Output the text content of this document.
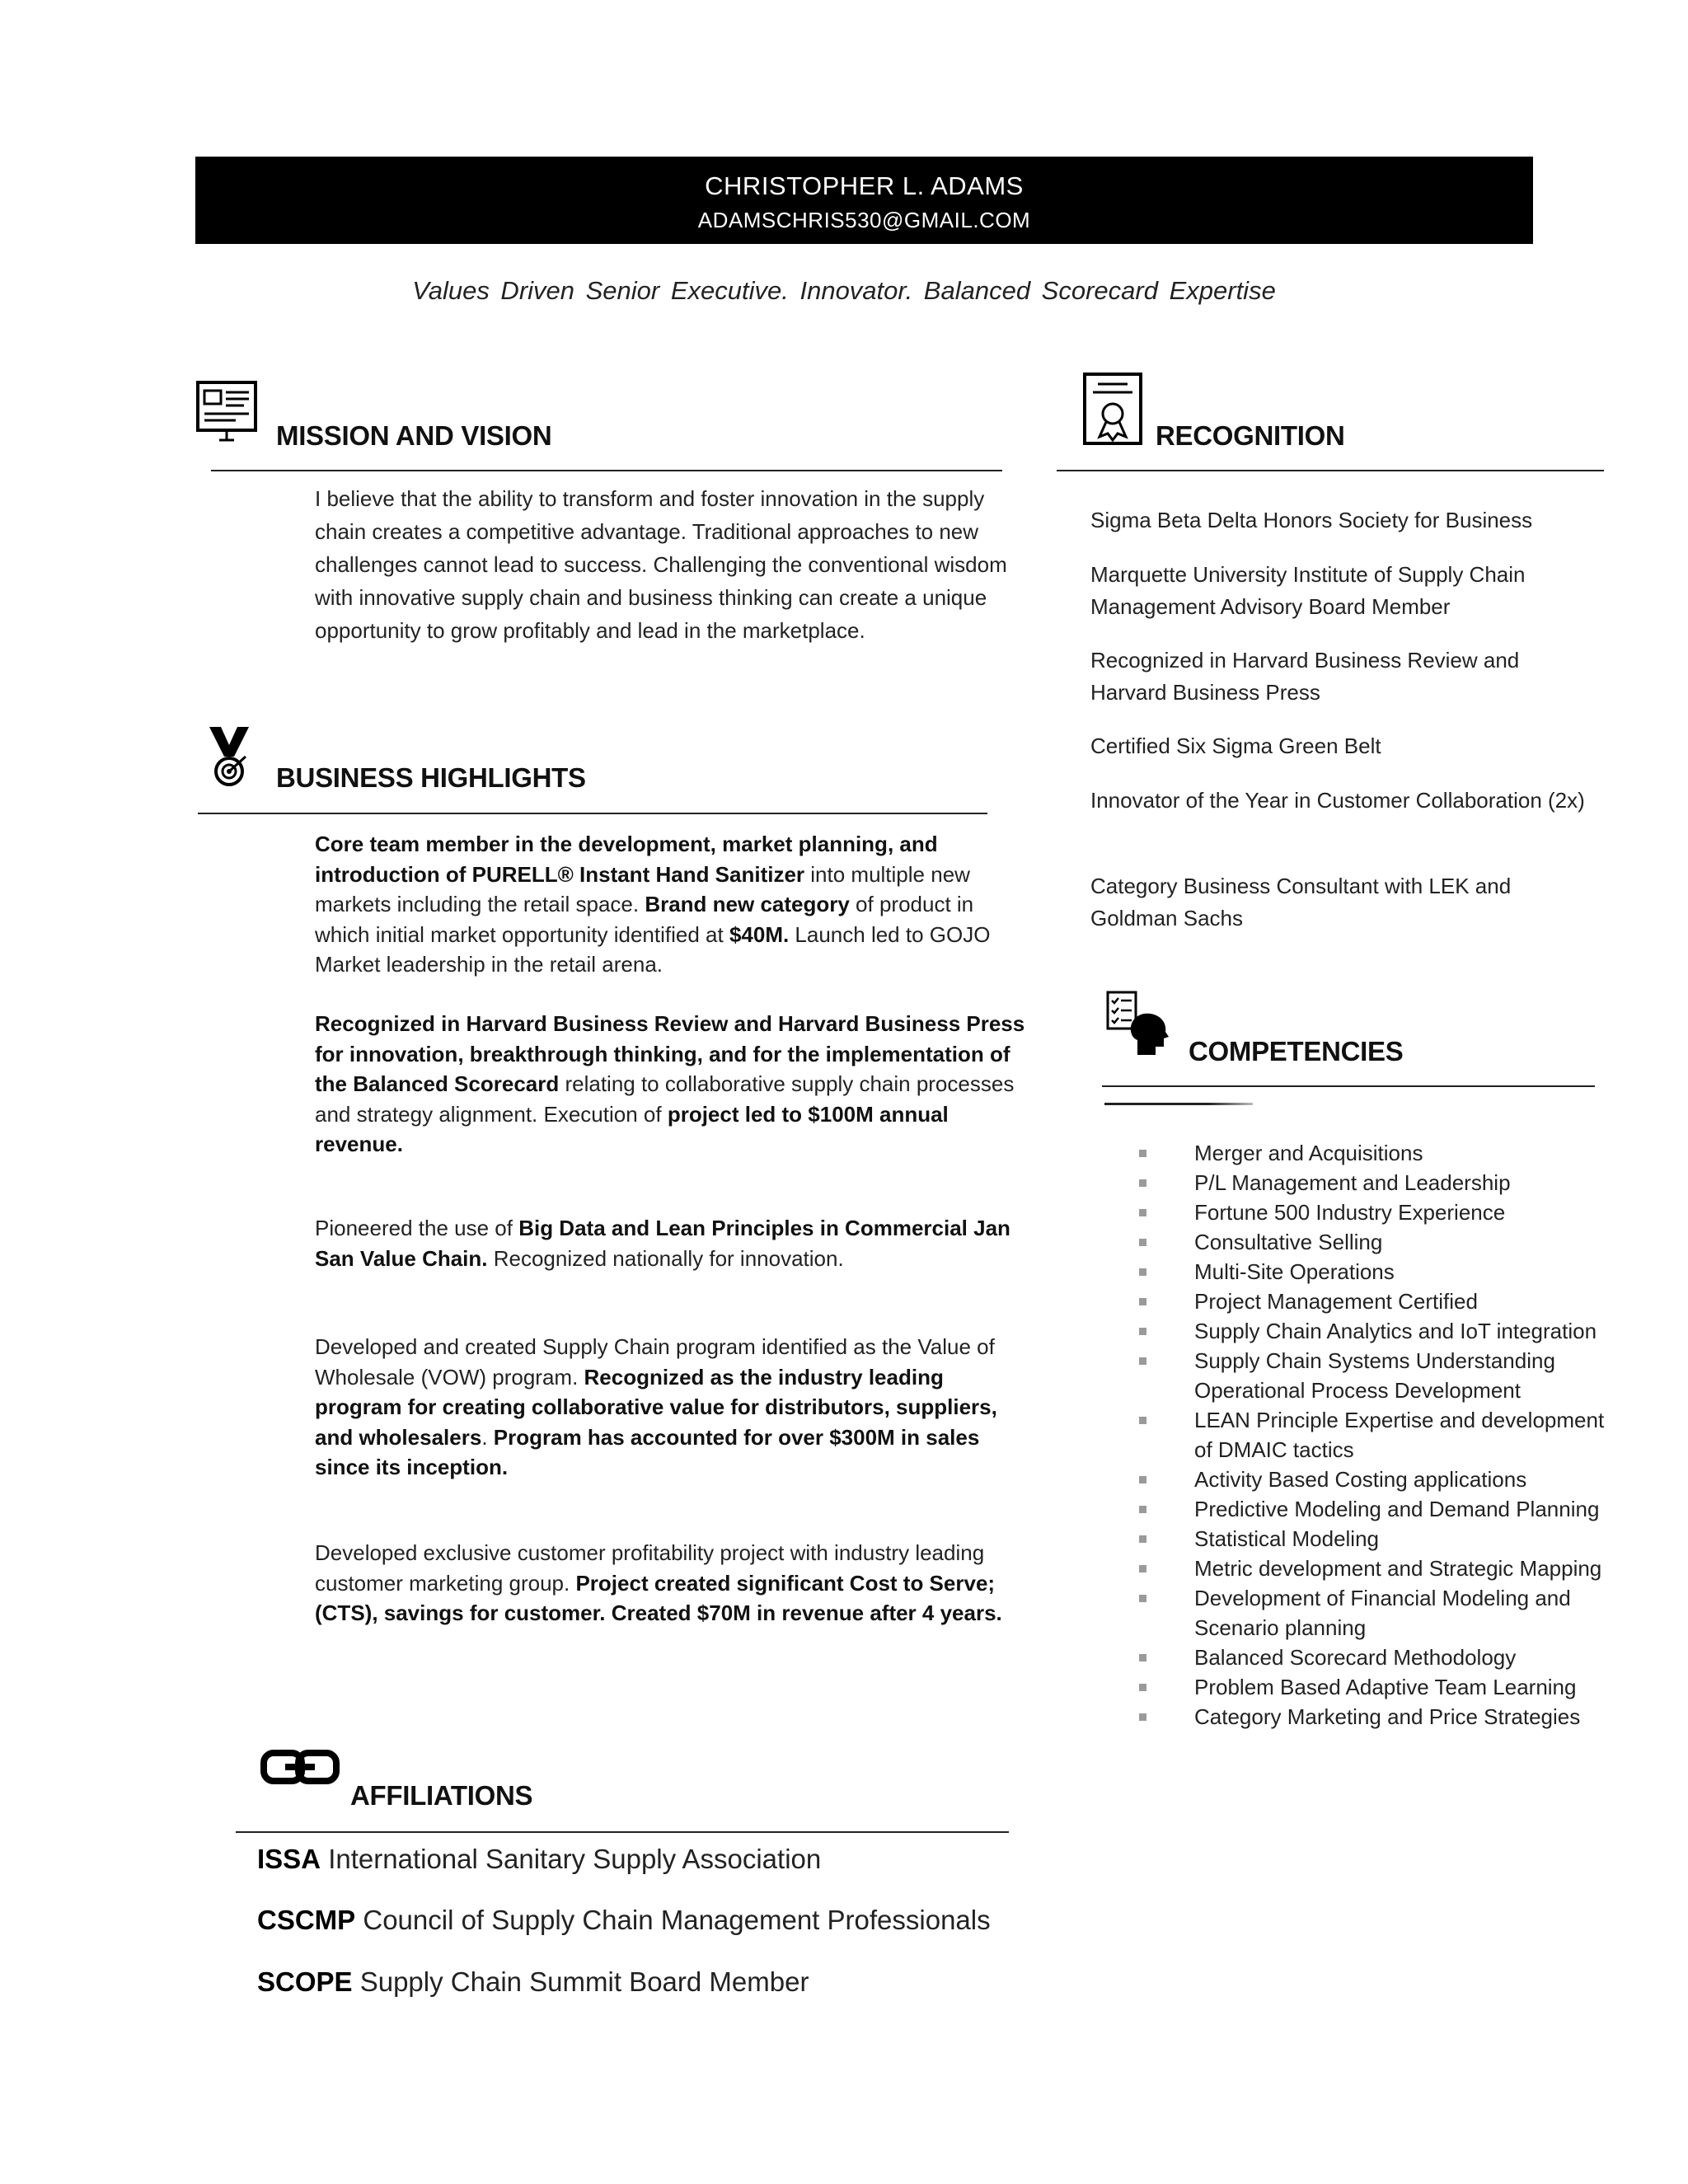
CHRISTOPHER L. ADAMS
ADAMSCHRIS530@GMAIL.COM
Values Driven Senior Executive. Innovator. Balanced Scorecard Expertise
MISSION AND VISION
I believe that the ability to transform and foster innovation in the supply chain creates a competitive advantage. Traditional approaches to new challenges cannot lead to success. Challenging the conventional wisdom with innovative supply chain and business thinking can create a unique opportunity to grow profitably and lead in the marketplace.
BUSINESS HIGHLIGHTS
Core team member in the development, market planning, and introduction of PURELL® Instant Hand Sanitizer into multiple new markets including the retail space. Brand new category of product in which initial market opportunity identified at $40M. Launch led to GOJO Market leadership in the retail arena.
Recognized in Harvard Business Review and Harvard Business Press for innovation, breakthrough thinking, and for the implementation of the Balanced Scorecard relating to collaborative supply chain processes and strategy alignment. Execution of project led to $100M annual revenue.
Pioneered the use of Big Data and Lean Principles in Commercial Jan San Value Chain. Recognized nationally for innovation.
Developed and created Supply Chain program identified as the Value of Wholesale (VOW) program. Recognized as the industry leading program for creating collaborative value for distributors, suppliers, and wholesalers. Program has accounted for over $300M in sales since its inception.
Developed exclusive customer profitability project with industry leading customer marketing group. Project created significant Cost to Serve; (CTS), savings for customer. Created $70M in revenue after 4 years.
AFFILIATIONS
ISSA International Sanitary Supply Association
CSCMP Council of Supply Chain Management Professionals
SCOPE Supply Chain Summit Board Member
RECOGNITION
Sigma Beta Delta Honors Society for Business
Marquette University Institute of Supply Chain Management Advisory Board Member
Recognized in Harvard Business Review and Harvard Business Press
Certified Six Sigma Green Belt
Innovator of the Year in Customer Collaboration (2x)
Category Business Consultant with LEK and Goldman Sachs
COMPETENCIES
Merger and Acquisitions
P/L Management and Leadership
Fortune 500 Industry Experience
Consultative Selling
Multi-Site Operations
Project Management Certified
Supply Chain Analytics and IoT integration
Supply Chain Systems Understanding Operational Process Development
LEAN Principle Expertise and development of DMAIC tactics
Activity Based Costing applications
Predictive Modeling and Demand Planning
Statistical Modeling
Metric development and Strategic Mapping
Development of Financial Modeling and Scenario planning
Balanced Scorecard Methodology
Problem Based Adaptive Team Learning
Category Marketing and Price Strategies
